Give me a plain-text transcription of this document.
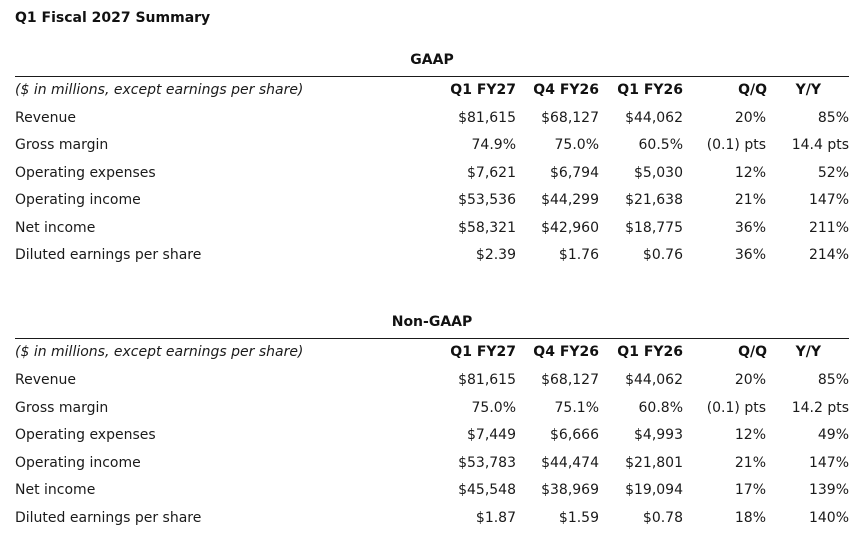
Q1 Fiscal 2027 Summary
GAAP
($ in millions, except earnings per share)	Q1 FY27 Q4 FY26 Q1 FY26	Q/Q Y/Y
Revenue	$81,615 $68,127 $44,062	20%	85%
Gross margin	74.9%	75.0%	60.5% (0.1) pts 14.4 pts
Operating expenses	$7,621 $6,794	$5,030	12%	52%
Operating income	$53,536 $44,299 $21,638	21%	147%
Net income	$58,321 $42,960 $18,775	36%	211%
Diluted earnings per share	$2.39	$1.76	$0.76	36%	214%
Non-GAAP
($ in millions, except earnings per share)	Q1 FY27 Q4 FY26 Q1 FY26	Q/Q Y/Y
Revenue	$81,615 $68,127 $44,062	20%	85%
Gross margin	75.0%	75.1%	60.8% (0.1) pts 14.2 pts
Operating expenses	$7,449 $6,666	$4,993	12%	49%
Operating income	$53,783 $44,474 $21,801	21%	147%
Net income	$45,548 $38,969 $19,094	17%	139%
Diluted earnings per share	$1.87	$1.59	$0.78	18%	140%
